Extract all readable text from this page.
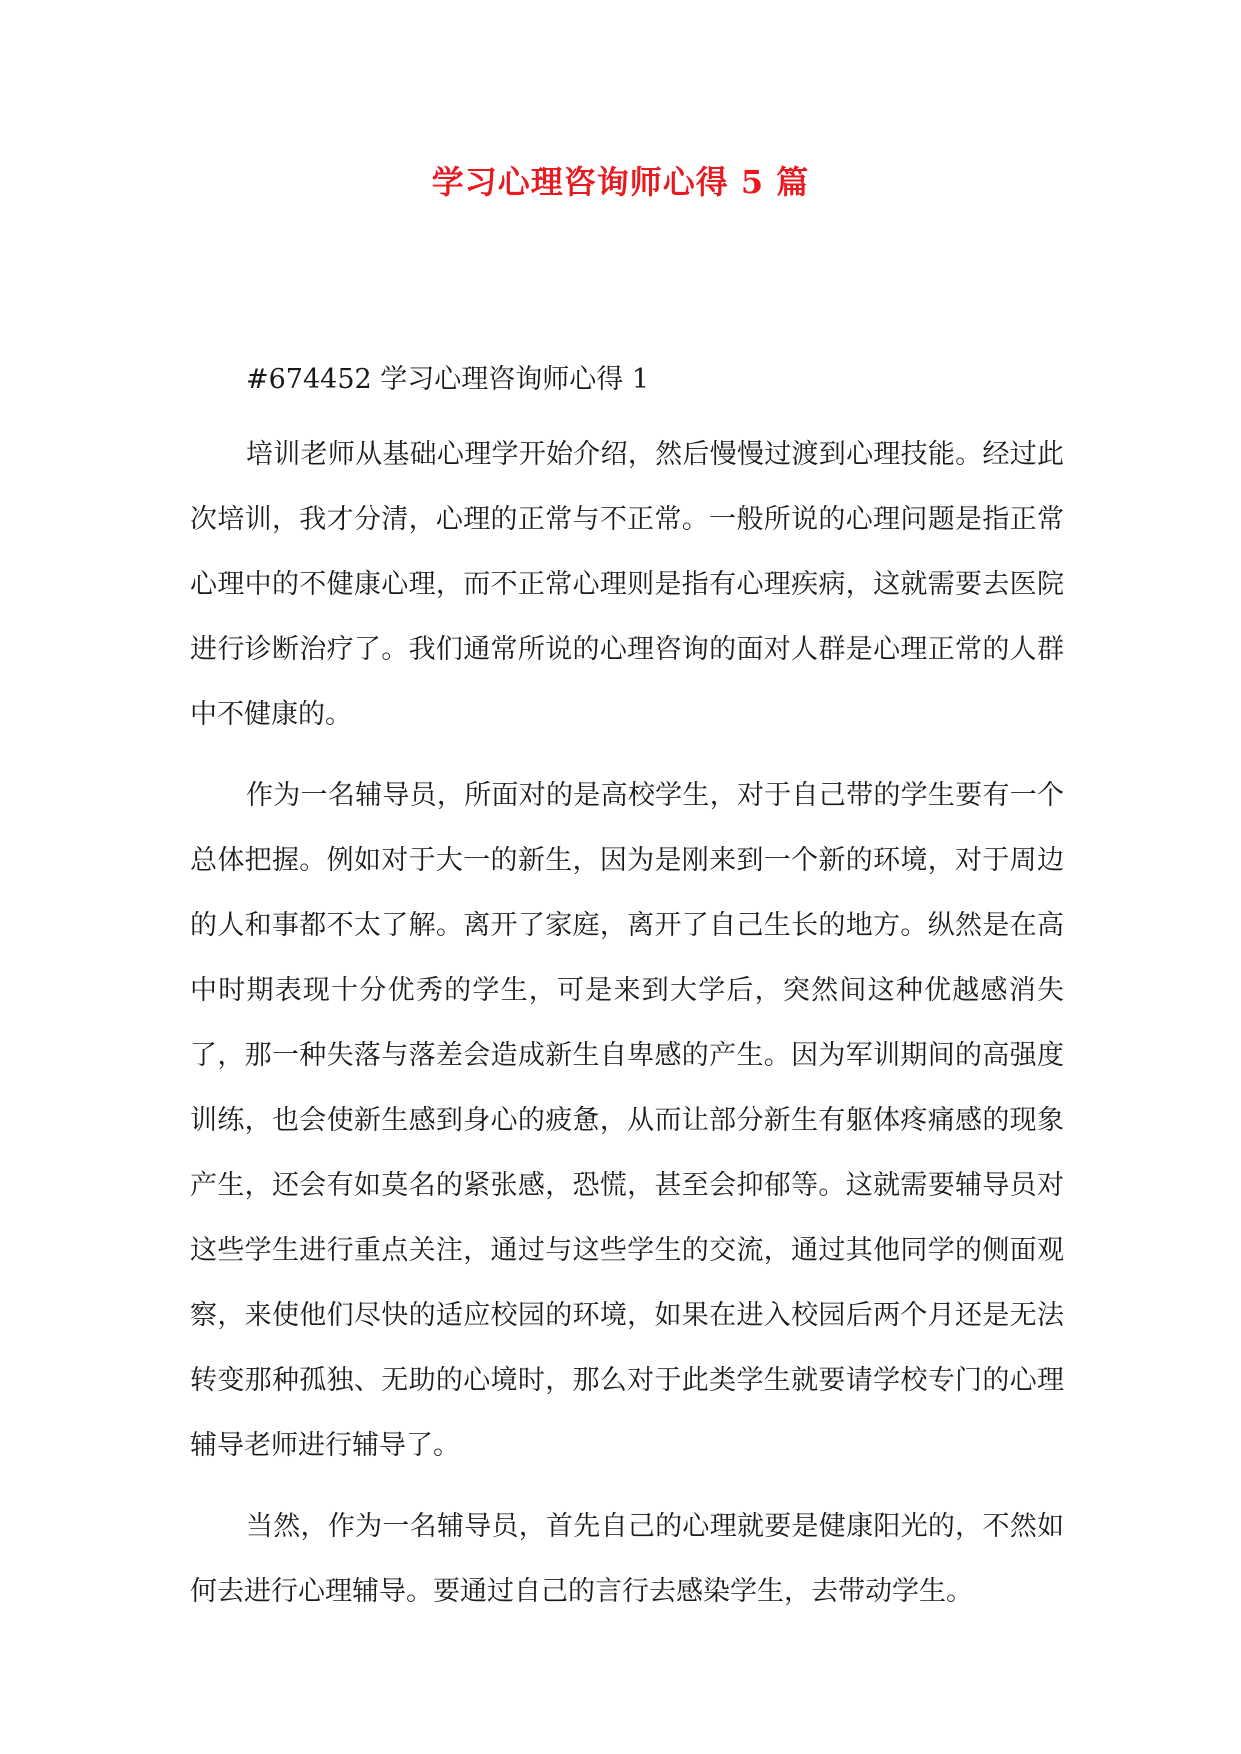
学习心理咨询师心得 5 篇

#674452 学习心理咨询师心得 1

培训老师从基础心理学开始介绍，然后慢慢过渡到心理技能。经过此次培训，我才分清，心理的正常与不正常。一般所说的心理问题是指正常心理中的不健康心理，而不正常心理则是指有心理疾病，这就需要去医院进行诊断治疗了。我们通常所说的心理咨询的面对人群是心理正常的人群中不健康的。

作为一名辅导员，所面对的是高校学生，对于自己带的学生要有一个总体把握。例如对于大一的新生，因为是刚来到一个新的环境，对于周边的人和事都不太了解。离开了家庭，离开了自己生长的地方。纵然是在高中时期表现十分优秀的学生，可是来到大学后，突然间这种优越感消失了，那一种失落与落差会造成新生自卑感的产生。因为军训期间的高强度训练，也会使新生感到身心的疲惫，从而让部分新生有躯体疼痛感的现象产生，还会有如莫名的紧张感，恐慌，甚至会抑郁等。这就需要辅导员对这些学生进行重点关注，通过与这些学生的交流，通过其他同学的侧面观察，来使他们尽快的适应校园的环境，如果在进入校园后两个月还是无法转变那种孤独、无助的心境时，那么对于此类学生就要请学校专门的心理辅导老师进行辅导了。

当然，作为一名辅导员，首先自己的心理就要是健康阳光的，不然如何去进行心理辅导。要通过自己的言行去感染学生，去带动学生。
